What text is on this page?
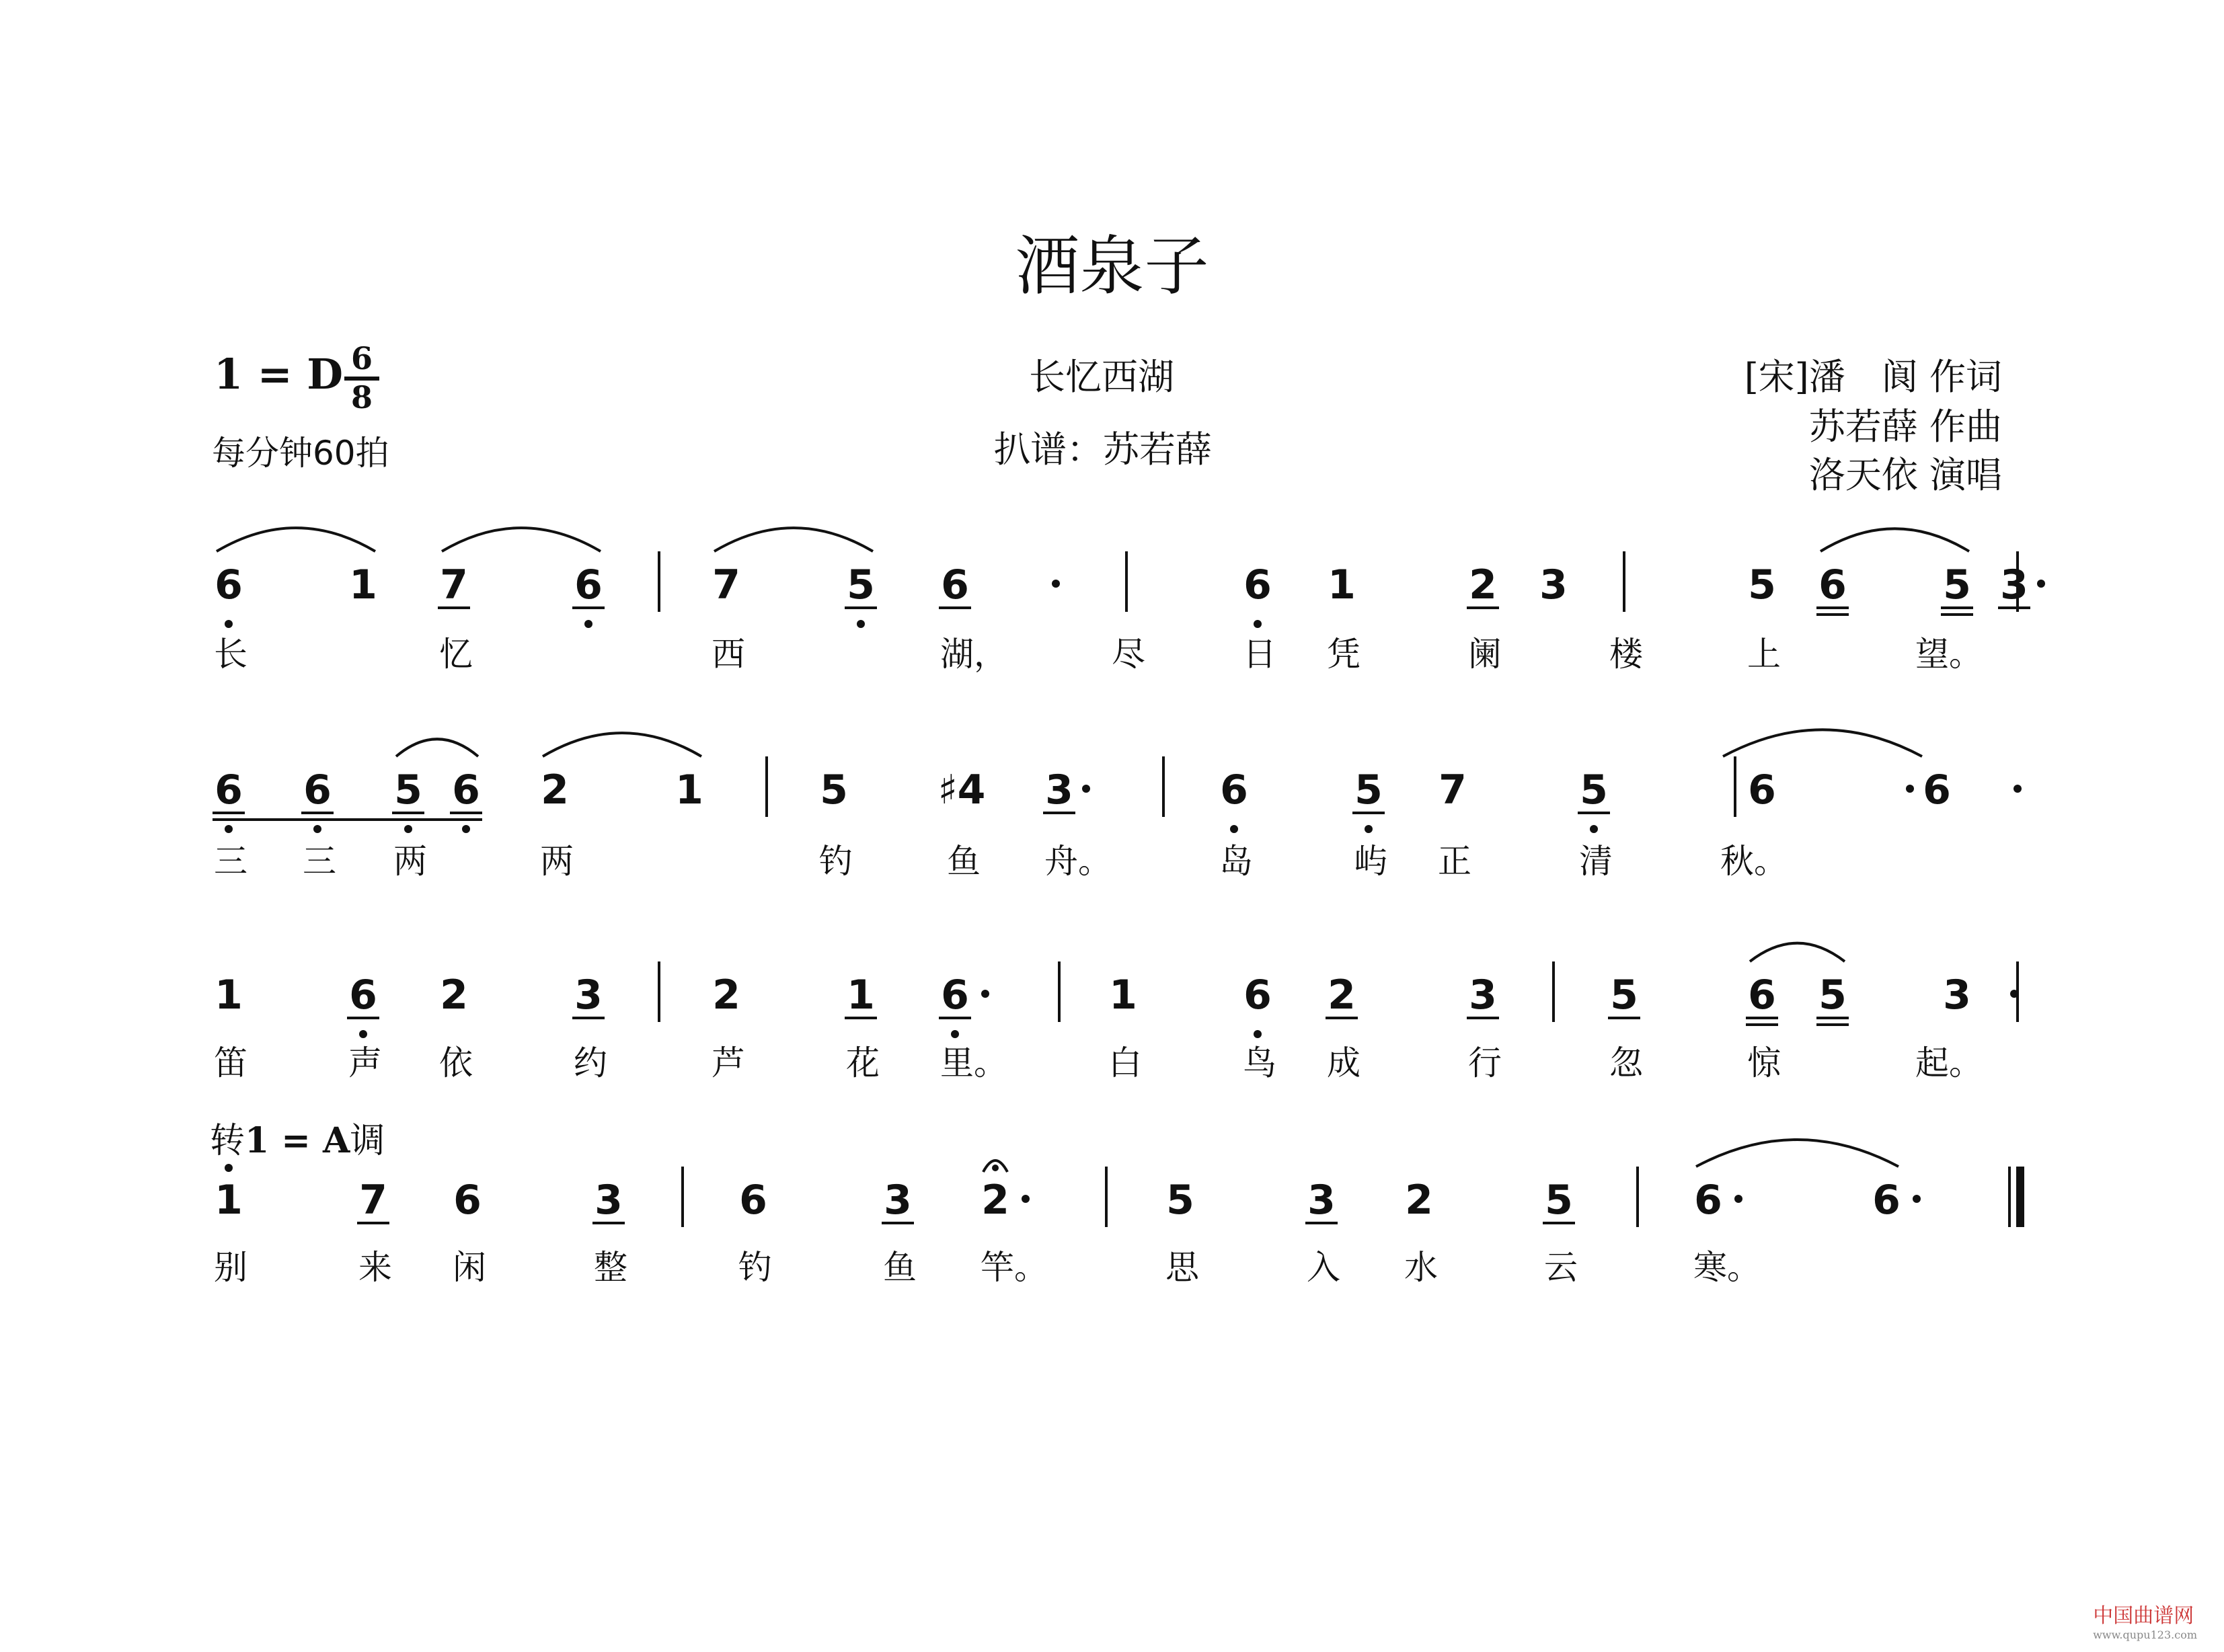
酒泉子
1 = D $\frac{6}{8}$
每分钟60拍
长忆西湖
扒谱：苏若薛
[宋]潘　阆 作词
苏若薛 作曲
洛天依 演唱
转1 = A调
6	1 7	6	7	5 6	6 1	2 3	5 6 5 3
长	忆	西	湖，	尽	日 凭	阑	楼	上	望。
6 6 5 6 2	1	5 ♯4 3	6	5 7	5	6	6
三 三 两	两	钓	鱼 舟。	岛	屿 正	清	秋。
1	6 2	3	2	1 6	1	6 2	3	5	6 5 3
笛	声 依	约	芦	花 里。	白	鸟 成	行	忽	惊	起。
1	7 6	3	6	3 2	5	3 2	5	6	6
别	来 闲	整	钓	鱼 竿。	思	入 水	云	寒。
中国曲谱网
www.qupu123.com
